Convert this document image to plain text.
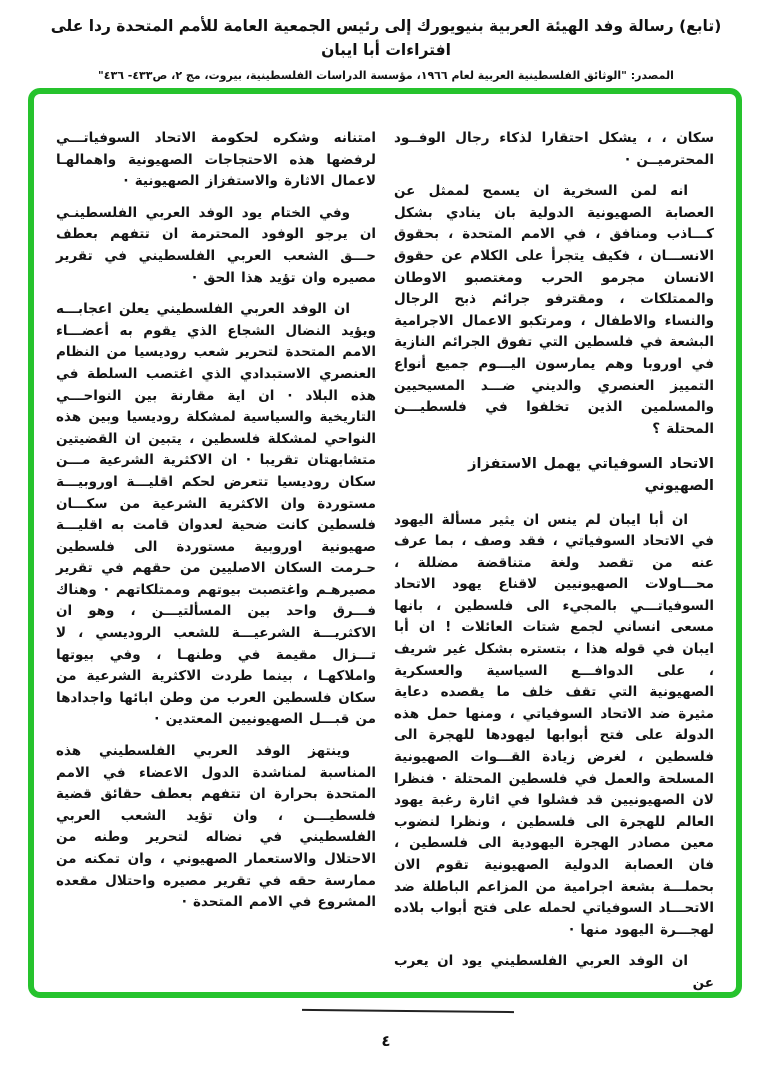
(تابع) رسالة وفد الهيئة العربية بنيويورك إلى رئيس الجمعية العامة للأمم المتحدة ردا على افتراءات أبا ايبان
المصدر: "الوثائق الفلسطينية العربية لعام ١٩٦٦، مؤسسة الدراسات الفلسطينية، بيروت، مج ٢، ص٤٣٣- ٤٣٦"

سكان ، ، يشكل احتقارا لذكاء رجال الوفــود المحترميــن ·

انه لمن السخرية ان يسمح لممثل عن العصابة الصهيونية الدولية بان ينادي بشكل كـــاذب ومنافق ، في الامم المتحدة ، بحقوق الانســـان ، فكيف يتجرأ على الكلام عن حقوق الانسان مجرمو الحرب ومغتصبو الاوطان والممتلكات ، ومقترفو جرائم ذبح الرجال والنساء والاطفال ، ومرتكبو الاعمال الاجرامية البشعة في فلسطين التي تفوق الجرائم النازية في اوروبا وهم يمارسون اليـــوم جميع أنواع التمييز العنصري والديني ضـــد المسيحيين والمسلمين الذين تخلفوا في فلسطيـــن المحتلة ؟

الاتحاد السوفياتي يهمل الاستفزاز الصهيوني

ان أبا ايبان لم ينس ان يثير مسألة اليهود في الاتحاد السوفياتي ، فقد وصف ، بما عرف عنه من تقصد ولغة متناقضة مضللة ، محـــاولات الصهيونيين لاقناع يهود الاتحاد السوفياتـــي بالمجيء الى فلسطين ، بانها مسعى انساني لجمع شتات العائلات ! ان أبا ايبان في قوله هذا ، بتستره بشكل غير شريف ، على الدوافـــع السياسية والعسكرية الصهيونية التي تقف خلف ما يقصده دعاية مثيرة ضد الاتحاد السوفياتي ، ومنها حمل هذه الدولة على فتح أبوابها ليهودها للهجرة الى فلسطين ، لغرض زيادة القـــوات الصهيونية المسلحة والعمل في فلسطين المحتلة · فنظرا لان الصهيونيين قد فشلوا في اثارة رغبة يهود العالم للهجرة الى فلسطين ، ونظرا لنضوب معين مصادر الهجرة اليهودية الى فلسطين ، فان العصابة الدولية الصهيونية تقوم الان بحملـــة بشعة اجرامية من المزاعم الباطلة ضد الاتحـــاد السوفياتي لحمله على فتح أبواب بلاده لهجـــرة اليهود منها ·

ان الوفد العربي الفلسطيني يود ان يعرب عن

امتنانه وشكره لحكومة الاتحاد السوفياتـــي لرفضها هذه الاحتجاجات الصهيونية واهمالهـا لاعمال الاثارة والاستفزاز الصهيونية ·

وفي الختام يود الوفد العربي الفلسطينـي ان يرجو الوفود المحترمة ان تتفهم بعطف حـــق الشعب العربي الفلسطيني في تقرير مصيره وان تؤيد هذا الحق ·

ان الوفد العربي الفلسطيني يعلن اعجابـــه ويؤيد النضال الشجاع الذي يقوم به أعضـــاء الامم المتحدة لتحرير شعب روديسيا من النظام العنصري الاستبدادي الذي اغتصب السلطة في هذه البلاد · ان اية مقارنة بين النواحـــي التاريخية والسياسية لمشكلة روديسيا وبين هذه النواحي لمشكلة فلسطين ، يتبين ان القضيتين متشابهتان تقريبا · ان الاكثرية الشرعية مـــن سكان روديسيا تتعرض لحكم اقليـــة اوروبيـــة مستوردة وان الاكثرية الشرعية من سكـــان فلسطين كانت ضحية لعدوان قامت به اقليـــة صهيونية اوروبية مستوردة الى فلسطين حـرمت السكان الاصليين من حقهم في تقرير مصيرهـم واغتصبت بيوتهم وممتلكاتهم · وهناك فـــرق واحد بين المسألتيـــن ، وهو ان الاكثريـــة الشرعيـــة للشعب الروديسي ، لا تـــزال مقيمة في وطنهـا ، وفي بيوتها واملاكهـا ، بينما طردت الاكثرية الشرعية من سكان فلسطين العرب من وطن ابائها واجدادها من قبـــل الصهيونيين المعتدين ·

وينتهز الوفد العربي الفلسطيني هذه المناسبة لمناشدة الدول الاعضاء في الامم المتحدة بحرارة ان تتفهم بعطف حقائق قضية فلسطيـــن ، وان تؤيد الشعب العربي الفلسطيني في نضاله لتحرير وطنه من الاحتلال والاستعمار الصهيوني ، وان تمكنه من ممارسة حقه في تقرير مصيره واحتلال مقعده المشروع في الامم المتحدة ·

٤
